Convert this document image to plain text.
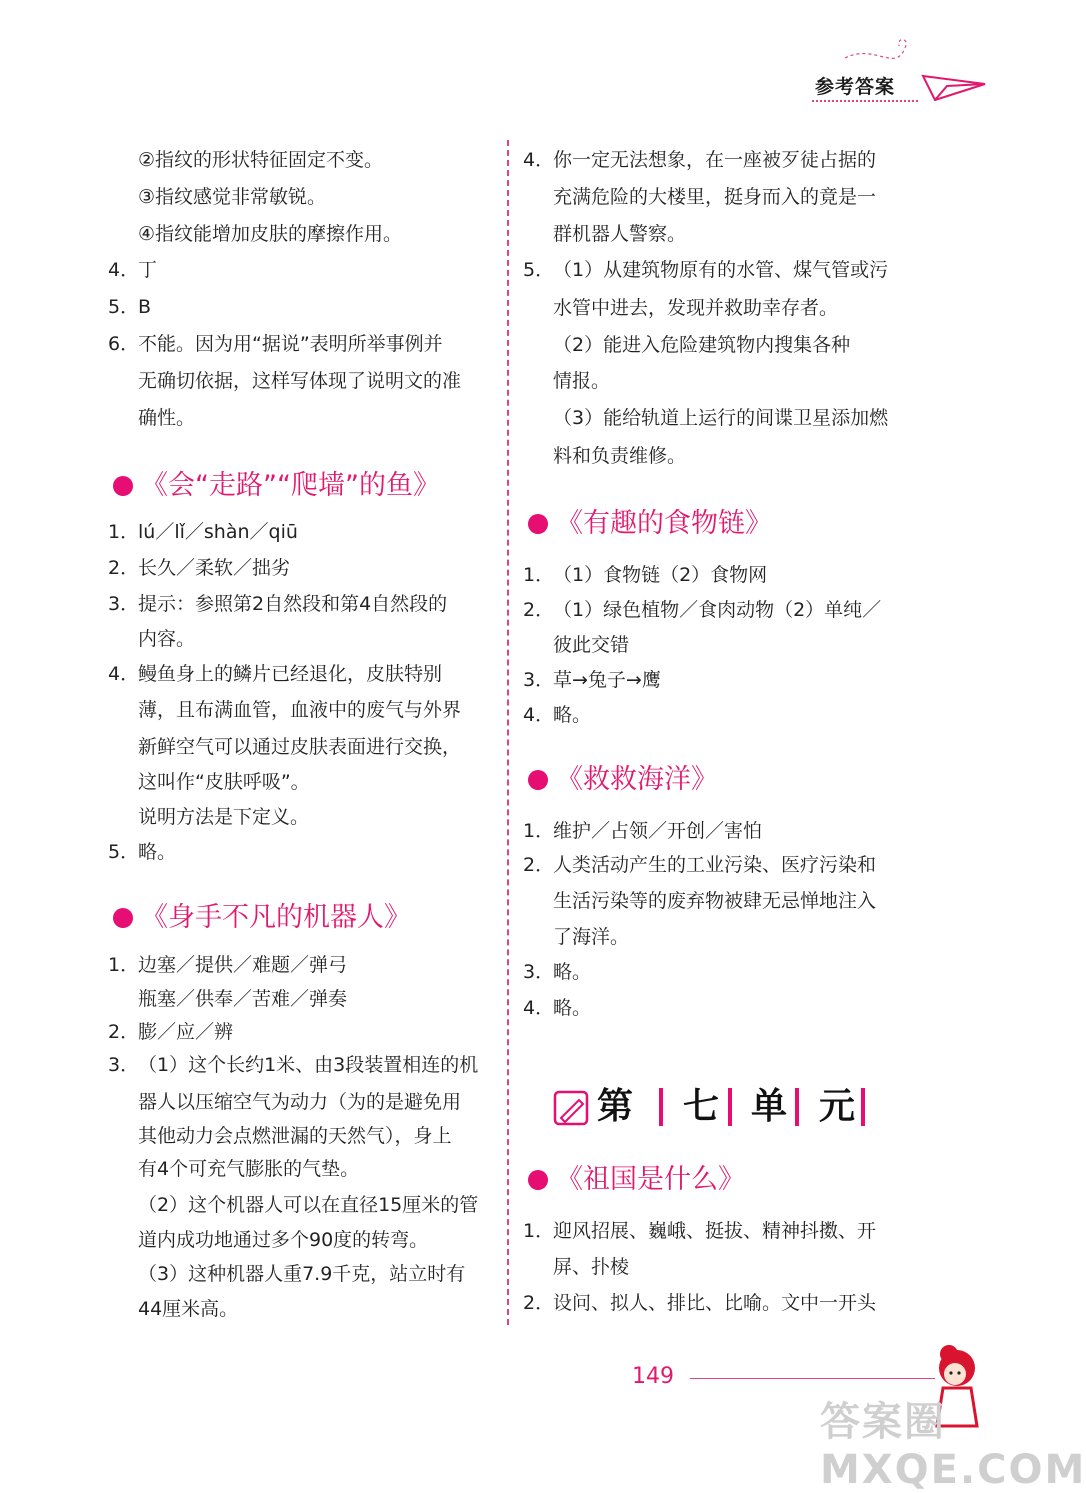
参考答案
②指纹的形状特征固定不变。
③指纹感觉非常敏锐。
④指纹能增加皮肤的摩擦作用。
4．丁
5．B
6．不能。因为用“据说”表明所举事例并
无确切依据，这样写体现了说明文的准
确性。
《会“走路”“爬墙”的鱼》
1．lú／lǐ／shàn／qiū
2．长久／柔软／拙劣
3．提示：参照第2自然段和第4自然段的
内容。
4．鳗鱼身上的鳞片已经退化，皮肤特别
薄，且布满血管，血液中的废气与外界
新鲜空气可以通过皮肤表面进行交换，
这叫作“皮肤呼吸”。
说明方法是下定义。
5．略。
《身手不凡的机器人》
1．边塞／提供／难题／弹弓
瓶塞／供奉／苦难／弹奏
2．膨／应／辨
3．（1）这个长约1米、由3段装置相连的机
器人以压缩空气为动力（为的是避免用
其他动力会点燃泄漏的天然气），身上
有4个可充气膨胀的气垫。
（2）这个机器人可以在直径15厘米的管
道内成功地通过多个90度的转弯。
（3）这种机器人重7.9千克，站立时有
44厘米高。
4．你一定无法想象，在一座被歹徒占据的
充满危险的大楼里，挺身而入的竟是一
群机器人警察。
5．（1）从建筑物原有的水管、煤气管或污
水管中进去，发现并救助幸存者。
（2）能进入危险建筑物内搜集各种
情报。
（3）能给轨道上运行的间谍卫星添加燃
料和负责维修。
《有趣的食物链》
1．（1）食物链（2）食物网
2．（1）绿色植物／食肉动物（2）单纯／
彼此交错
3．草→兔子→鹰
4．略。
《救救海洋》
1．维护／占领／开创／害怕
2．人类活动产生的工业污染、医疗污染和
生活污染等的废弃物被肆无忌惮地注入
了海洋。
3．略。
4．略。
第 七 单 元
《祖国是什么》
1．迎风招展、巍峨、挺拔、精神抖擞、开
屏、扑棱
2．设问、拟人、排比、比喻。文中一开头
149
答案圈 MXQE.COM
